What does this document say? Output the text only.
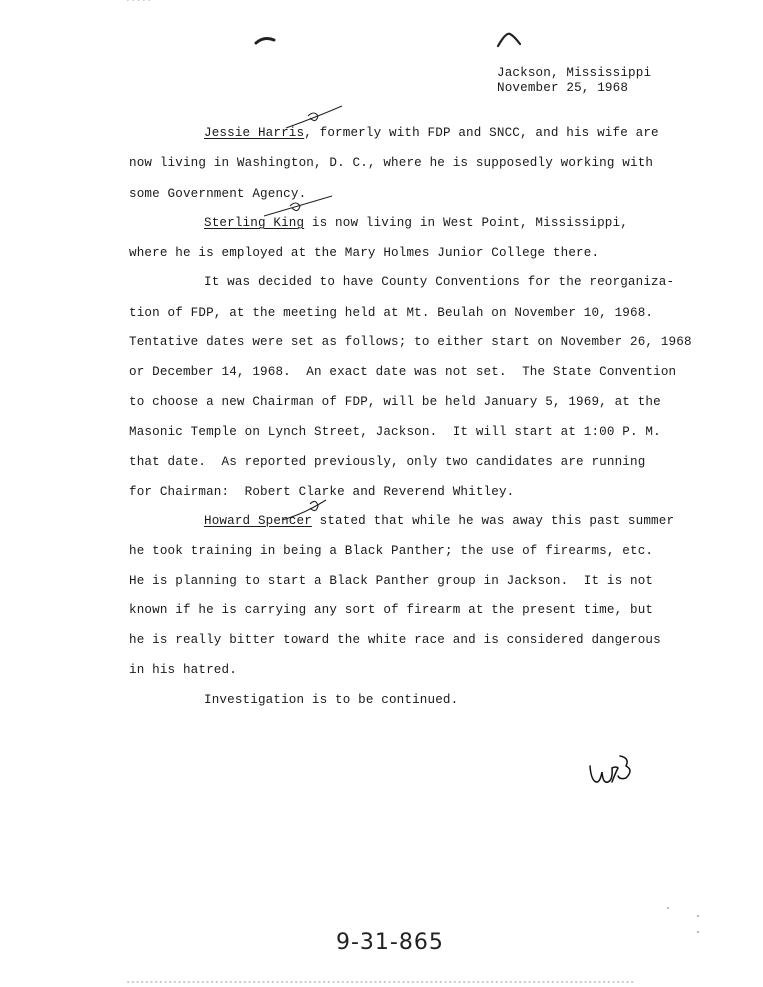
Jackson, Mississippi
November 25, 1968
Jessie Harris, formerly with FDP and SNCC, and his wife are
now living in Washington, D. C., where he is supposedly working with
some Government Agency.
Sterling King is now living in West Point, Mississippi,
where he is employed at the Mary Holmes Junior College there.
It was decided to have County Conventions for the reorganiza-
tion of FDP, at the meeting held at Mt. Beulah on November 10, 1968.
Tentative dates were set as follows; to either start on November 26, 1968
or December 14, 1968.  An exact date was not set.  The State Convention
to choose a new Chairman of FDP, will be held January 5, 1969, at the
Masonic Temple on Lynch Street, Jackson.  It will start at 1:00 P. M.
that date.  As reported previously, only two candidates are running
for Chairman:  Robert Clarke and Reverend Whitley.
Howard Spencer stated that while he was away this past summer
he took training in being a Black Panther; the use of firearms, etc.
He is planning to start a Black Panther group in Jackson.  It is not
known if he is carrying any sort of firearm at the present time, but
he is really bitter toward the white race and is considered dangerous
in his hatred.
Investigation is to be continued.
9-31-865
